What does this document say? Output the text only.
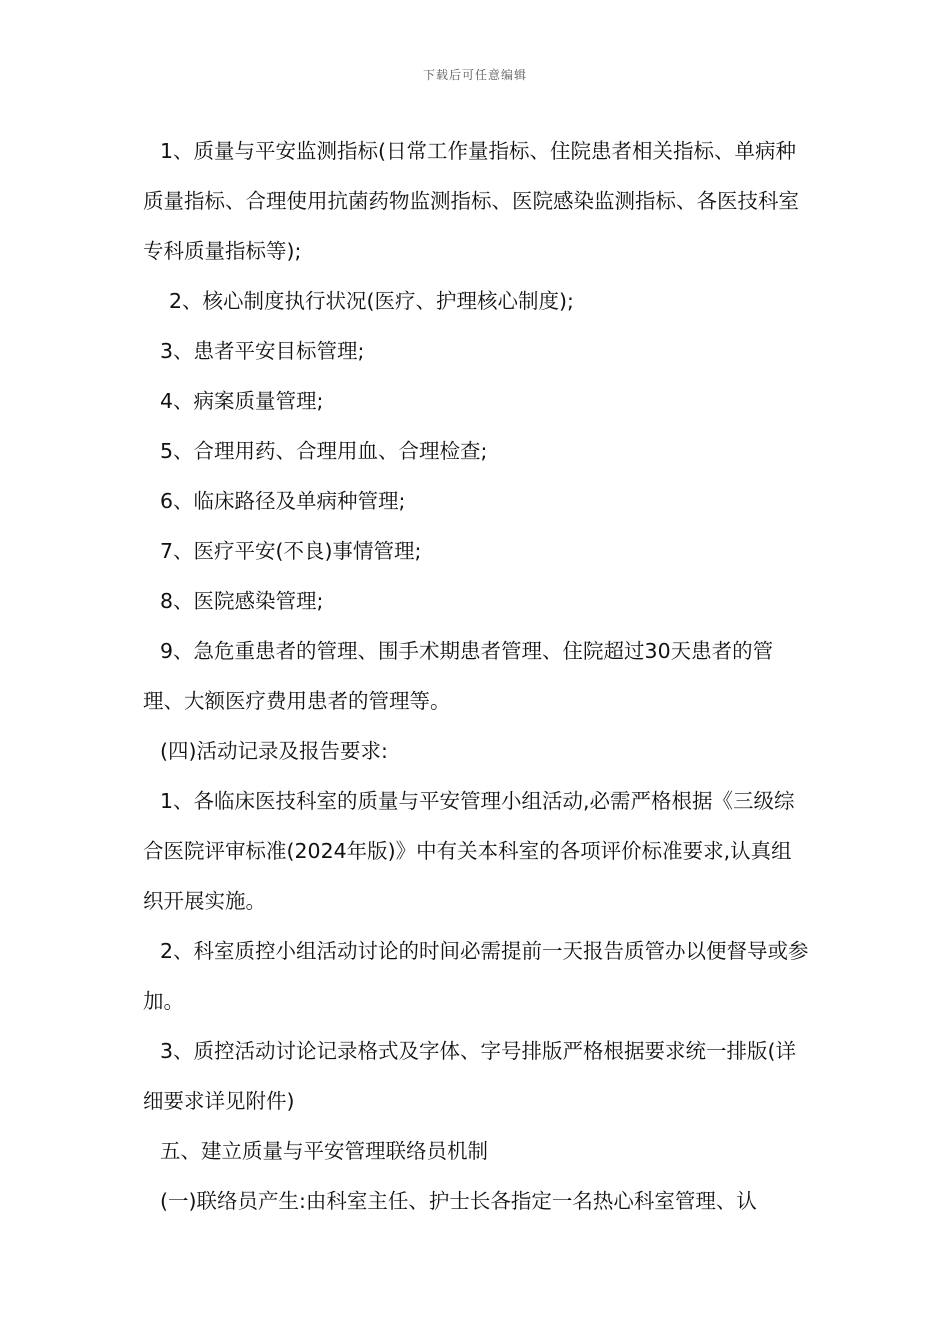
下载后可任意编辑

1、质量与平安监测指标(日常工作量指标、住院患者相关指标、单病种质量指标、合理使用抗菌药物监测指标、医院感染监测指标、各医技科室专科质量指标等);

2、核心制度执行状况(医疗、护理核心制度);

3、患者平安目标管理;

4、病案质量管理;

5、合理用药、合理用血、合理检查;

6、临床路径及单病种管理;

7、医疗平安(不良)事情管理;

8、医院感染管理;

9、急危重患者的管理、围手术期患者管理、住院超过30天患者的管理、大额医疗费用患者的管理等。

(四)活动记录及报告要求:

1、各临床医技科室的质量与平安管理小组活动,必需严格根据《三级综合医院评审标准(2024年版)》中有关本科室的各项评价标准要求,认真组织开展实施。

2、科室质控小组活动讨论的时间必需提前一天报告质管办以便督导或参加。

3、质控活动讨论记录格式及字体、字号排版严格根据要求统一排版(详细要求详见附件)

五、建立质量与平安管理联络员机制

(一)联络员产生:由科室主任、护士长各指定一名热心科室管理、认
